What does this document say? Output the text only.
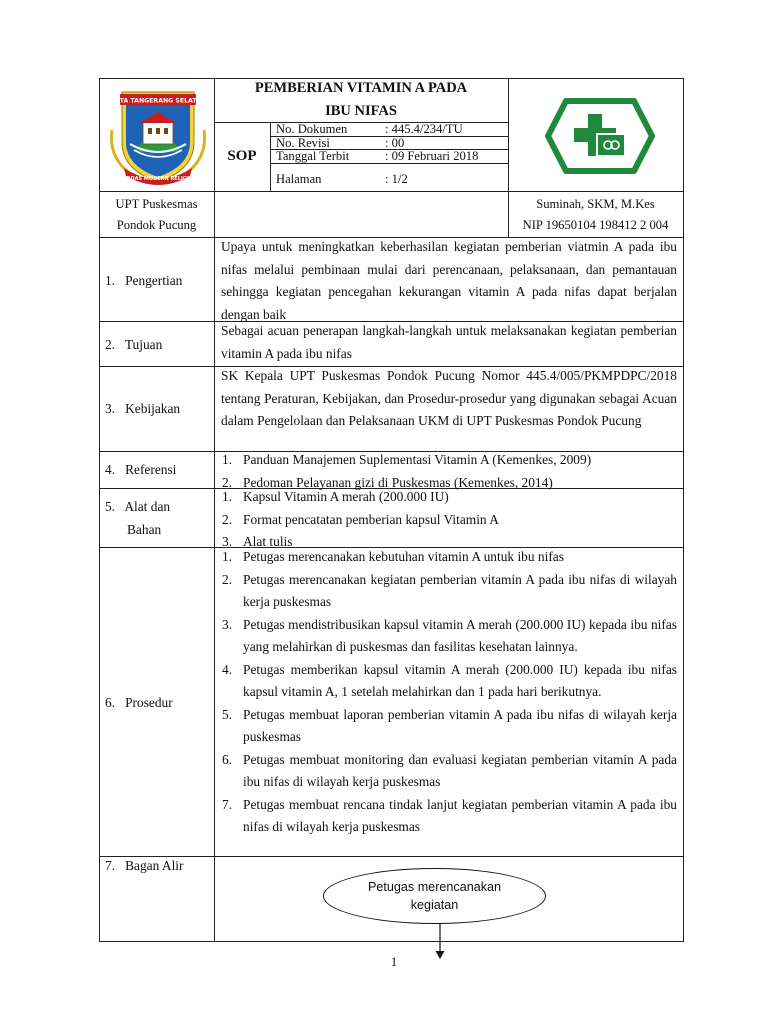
KOTA TANGERANG SELATAN
CERDAS MODERN RELIGIUS
PEMBERIAN VITAMIN A PADA
IBU NIFAS
SOP
No. Dokumen	: 445.4/234/TU
No. Revisi	: 00
Tanggal Terbit	: 09 Februari 2018
Halaman	: 1/2
UPT Puskesmas
Pondok Pucung
Suminah, SKM, M.Kes
NIP 19650104 198412 2 004
1.   Pengertian
Upaya untuk meningkatkan keberhasilan kegiatan pemberian viatmin A pada ibu nifas melalui pembinaan mulai dari perencanaan, pelaksanaan, dan pemantauan sehingga kegiatan pencegahan kekurangan vitamin A pada nifas dapat berjalan dengan baik
2.   Tujuan
Sebagai acuan penerapan langkah-langkah untuk melaksanakan kegiatan pemberian vitamin A pada ibu nifas
3.   Kebijakan
SK Kepala UPT Puskesmas Pondok Pucung Nomor 445.4/005/PKMPDPC/2018 tentang Peraturan, Kebijakan, dan Prosedur-prosedur yang digunakan sebagai Acuan dalam Pengelolaan dan Pelaksanaan UKM di UPT Puskesmas Pondok Pucung
4.   Referensi
1. Panduan Manajemen Suplementasi Vitamin A (Kemenkes, 2009)
2. Pedoman Pelayanan gizi di Puskesmas (Kemenkes, 2014)
5.   Alat dan
Bahan
1. Kapsul Vitamin A merah (200.000 IU)
2. Format pencatatan pemberian kapsul Vitamin A
3. Alat tulis
6.   Prosedur
1. Petugas merencanakan kebutuhan vitamin A untuk ibu nifas
2. Petugas merencanakan kegiatan pemberian vitamin A pada ibu nifas di wilayah kerja puskesmas
3. Petugas mendistribusikan kapsul vitamin A merah (200.000 IU) kepada ibu nifas yang melahirkan di puskesmas dan fasilitas kesehatan lainnya.
4. Petugas memberikan kapsul vitamin A merah (200.000 IU) kepada ibu nifas kapsul vitamin A, 1 setelah melahirkan dan 1 pada hari berikutnya.
5. Petugas membuat laporan pemberian vitamin A pada ibu nifas di wilayah kerja puskesmas
6. Petugas membuat monitoring dan evaluasi kegiatan pemberian vitamin A pada ibu nifas di wilayah kerja puskesmas
7. Petugas membuat rencana tindak lanjut kegiatan pemberian vitamin A pada ibu nifas di wilayah kerja puskesmas
7.   Bagan Alir
Petugas merencanakan kegiatan
1
